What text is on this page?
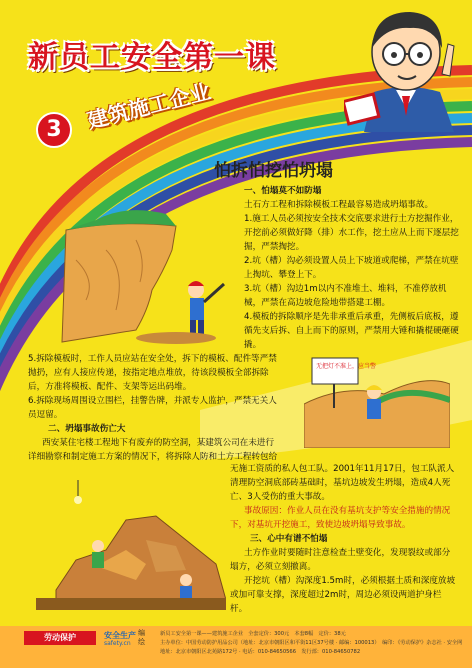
新员工安全第一课
3	建筑施工企业
怕拆怕挖怕坍塌
一、怕塌莫不如防塌
土石方工程和拆除模板工程最容易造成坍塌事故。
1.施工人员必须按安全技术交底要求进行土方挖掘作业，开挖前必须做好降（排）水工作，挖土应从上而下逐层挖掘，严禁掏挖。
2.坑（槽）沟必须设置人员上下坡道或爬梯，严禁在坑壁上掏坑、攀登上下。
3.坑（槽）沟边1m以内不准堆土、堆料，不准停放机械，严禁在高边坡危险地带搭建工棚。
4.模板的拆除顺序是先非承重后承重，先侧板后底板，遵循先支后拆、自上而下的原则，严禁用大锤和撬棍硬砸硬撬。
5.拆除模板时，工作人员应站在安全处，拆下的模板、配件等严禁抛扔，应有人接应传递，按指定地点堆放，待该段模板全部拆除后，方准将模板、配件、支架等运出码堆。
6.拆除现场周围设立围栏，挂警告牌，并派专人监护，严禁无关人员逗留。
二、坍塌事故伤亡大
西安某住宅楼工程地下有废弃的防空洞，某建筑公司在未进行详细勘察和制定施工方案的情况下，将拆除人防和土方工程转包给
无把灯不准上，应当警
无施工资质的私人包工队。2001年11月17日，包工队派人清理防空洞底部砖基础时，基坑边坡发生坍塌，造成4人死亡、3人受伤的重大事故。
事故原因：作业人员在没有基坑支护等安全措施的情况下，对基坑开挖施工，致使边坡坍塌导致事故。
三、心中有谱不怕塌
土方作业时要随时注意检查土壁变化，发现裂纹或部分塌方，必须立刻撤离。
开挖坑（槽）沟深度1.5m时，必须根据土质和深度放坡或加可靠支撑，深度超过2m时，周边必须设两道护身栏杆。
劳动保护	安全生产
safety.cn
编绘
新员工安全第一课——建筑施工企业　全套定价：300元　本套8幅　定价：38元
主办单位：中国劳动防护用品公司（地址：北京市朝阳区和平街11区37号楼 · 邮编：100013）　编印：《劳动保护》杂志社 · 安全网
地址：北京市朝阳区北苑路172号 · 电话：010-84650566　发行部：010-84650782
